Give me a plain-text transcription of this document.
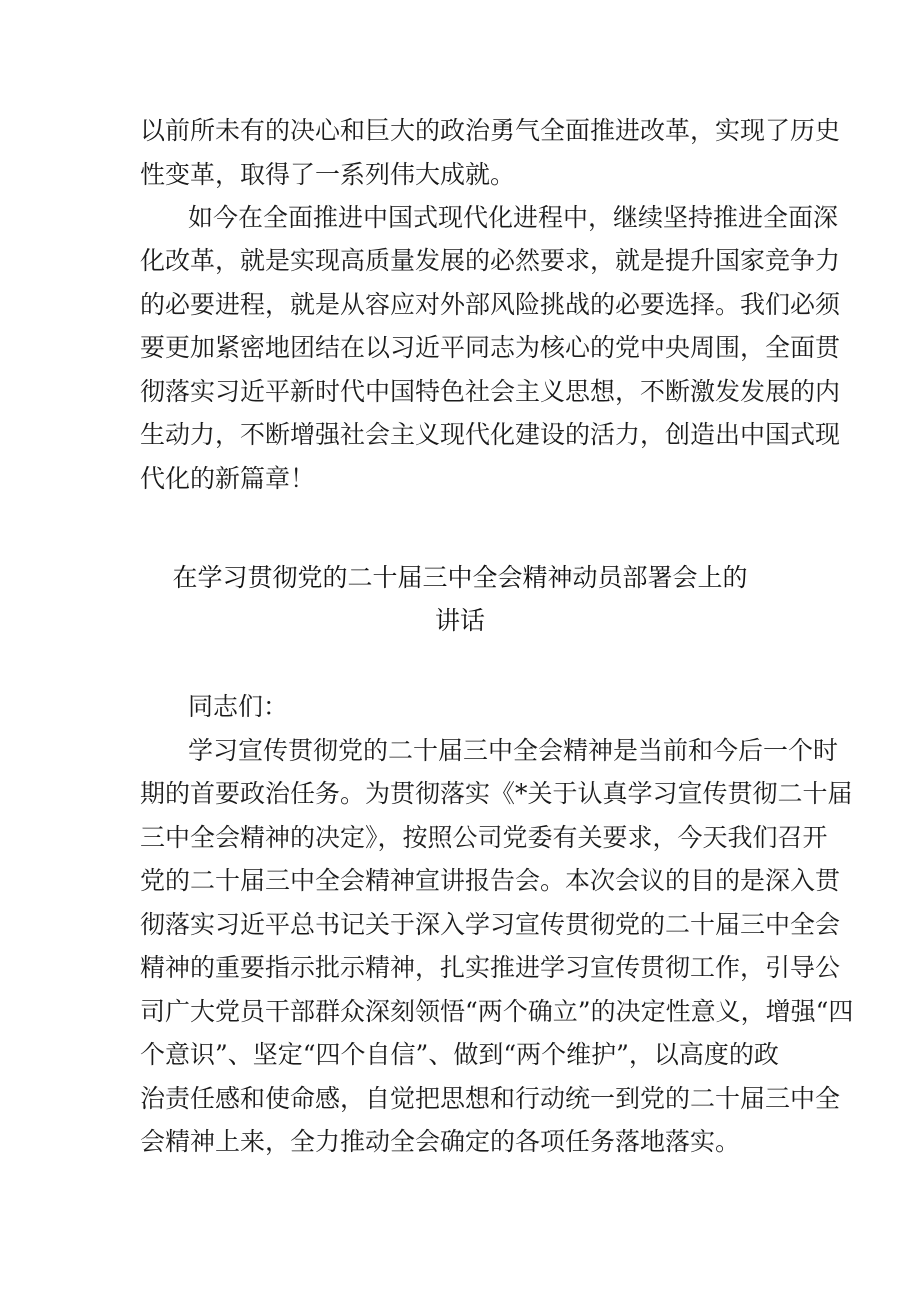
以前所未有的决心和巨大的政治勇气全面推进改革，实现了历史
性变革，取得了一系列伟大成就。
如今在全面推进中国式现代化进程中，继续坚持推进全面深
化改革，就是实现高质量发展的必然要求，就是提升国家竞争力
的必要进程，就是从容应对外部风险挑战的必要选择。我们必须
要更加紧密地团结在以习近平同志为核心的党中央周围，全面贯
彻落实习近平新时代中国特色社会主义思想，不断激发发展的内
生动力，不断增强社会主义现代化建设的活力，创造出中国式现
代化的新篇章！
在学习贯彻党的二十届三中全会精神动员部署会上的
讲话
同志们：
学习宣传贯彻党的二十届三中全会精神是当前和今后一个时
期的首要政治任务。为贯彻落实《*关于认真学习宣传贯彻二十届
三中全会精神的决定》，按照公司党委有关要求，今天我们召开
党的二十届三中全会精神宣讲报告会。本次会议的目的是深入贯
彻落实习近平总书记关于深入学习宣传贯彻党的二十届三中全会
精神的重要指示批示精神，扎实推进学习宣传贯彻工作，引导公
司广大党员干部群众深刻领悟“两个确立”的决定性意义，增强“四
个意识”、坚定“四个自信”、做到“两个维护”，以高度的政
治责任感和使命感，自觉把思想和行动统一到党的二十届三中全
会精神上来，全力推动全会确定的各项任务落地落实。
